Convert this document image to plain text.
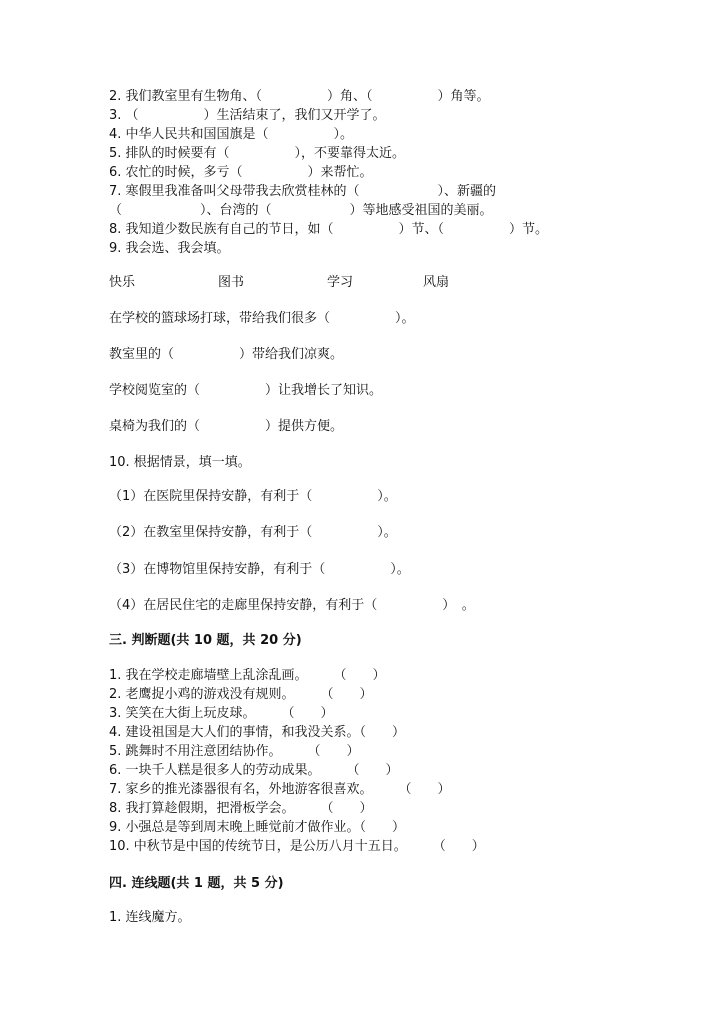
2. 我们教室里有生物角、（　　　　　）角、（　　　　　）角等。
3. （　　　　　）生活结束了，我们又开学了。
4. 中华人民共和国国旗是（　　　　　）。
5. 排队的时候要有（　　　　　），不要靠得太近。
6. 农忙的时候，多亏（　　　　　）来帮忙。
7. 寒假里我准备叫父母带我去欣赏桂林的（　　　　　　）、新疆的
（　　　　　　）、台湾的（　　　　　　）等地感受祖国的美丽。
8. 我知道少数民族有自己的节日，如（　　　　　）节、（　　　　　）节。
9. 我会选、我会填。
快乐	图书	学习	风扇
在学校的篮球场打球，带给我们很多（　　　　　）。
教室里的（　　　　　）带给我们凉爽。
学校阅览室的（　　　　　）让我增长了知识。
桌椅为我们的（　　　　　）提供方便。
10. 根据情景，填一填。
（1）在医院里保持安静，有利于（　　　　　）。
（2）在教室里保持安静，有利于（　　　　　）。
（3）在博物馆里保持安静，有利于（　　　　　）。
（4）在居民住宅的走廊里保持安静，有利于（　　　　　）　。
三. 判断题(共 10 题，共 20 分)
1. 我在学校走廊墙壁上乱涂乱画。　　　（　　）
2. 老鹰捉小鸡的游戏没有规则。　　　（　　）
3. 笑笑在大街上玩皮球。　　　（　　）
4. 建设祖国是大人们的事情，和我没关系。（　　）
5. 跳舞时不用注意团结协作。　　　（　　）
6. 一块千人糕是很多人的劳动成果。　　　（　　）
7. 家乡的推光漆器很有名，外地游客很喜欢。　　　（　　）
8. 我打算趁假期，把滑板学会。　　　（　　）
9. 小强总是等到周末晚上睡觉前才做作业。（　　）
10. 中秋节是中国的传统节日，是公历八月十五日。　　　（　　）
四. 连线题(共 1 题，共 5 分)
1. 连线魔方。
